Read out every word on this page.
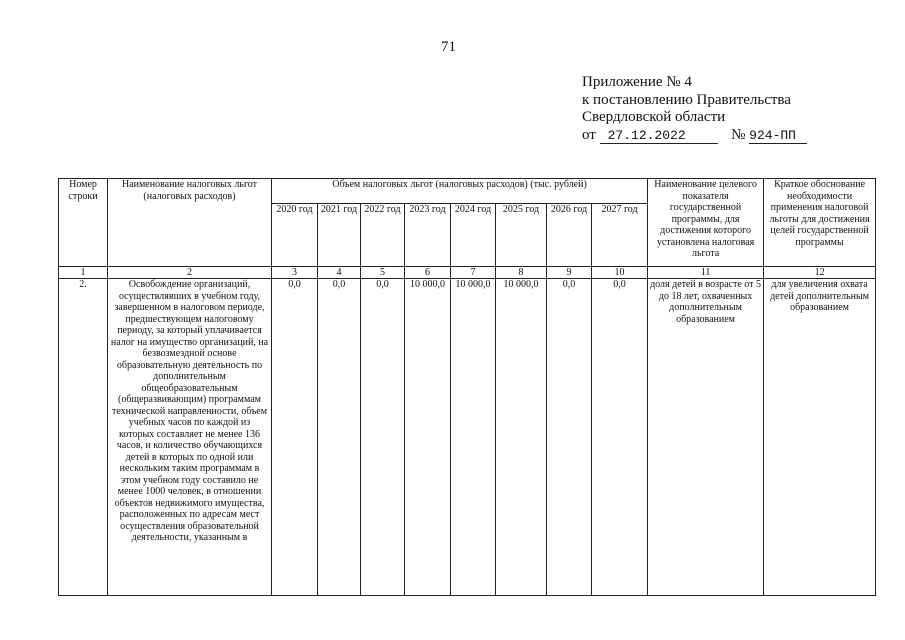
71
Приложение № 4
к постановлению Правительства
Свердловской области
от 27.12.2022	№ 924-ПП
Номер строки	Наименование налоговых льгот (налоговых расходов)	Объем налоговых льгот (налоговых расходов) (тыс. рублей)								Наименование целевого показателя государственной программы, для достижения которого установлена налоговая льгота	Краткое обоснование необходимости применения налоговой льготы для достижения целей государственной программы
		2020 год	2021 год	2022 год	2023 год	2024 год	2025 год	2026 год	2027 год		
1	2	3	4	5	6	7	8	9	10	11	12
2.	Освобождение организаций, осуществлявших в учебном году, завершенном в налоговом периоде, предшествующем налоговому периоду, за который уплачивается налог на имущество организаций, на безвозмездной основе образовательную деятельность по дополнительным общеобразовательным (общеразвивающим) программам технической направленности, объем учебных часов по каждой из которых составляет не менее 136 часов, и количество обучающихся детей в которых по одной или нескольким таким программам в этом учебном году составило не менее 1000 человек, в отношении объектов недвижимого имущества, расположенных по адресам мест осуществления образовательной деятельности, указанным в	0,0	0,0	0,0	10 000,0	10 000,0	10 000,0	0,0	0,0	доля детей в возрасте от 5 до 18 лет, охваченных дополнительным образованием	для увеличения охвата детей дополнительным образованием
